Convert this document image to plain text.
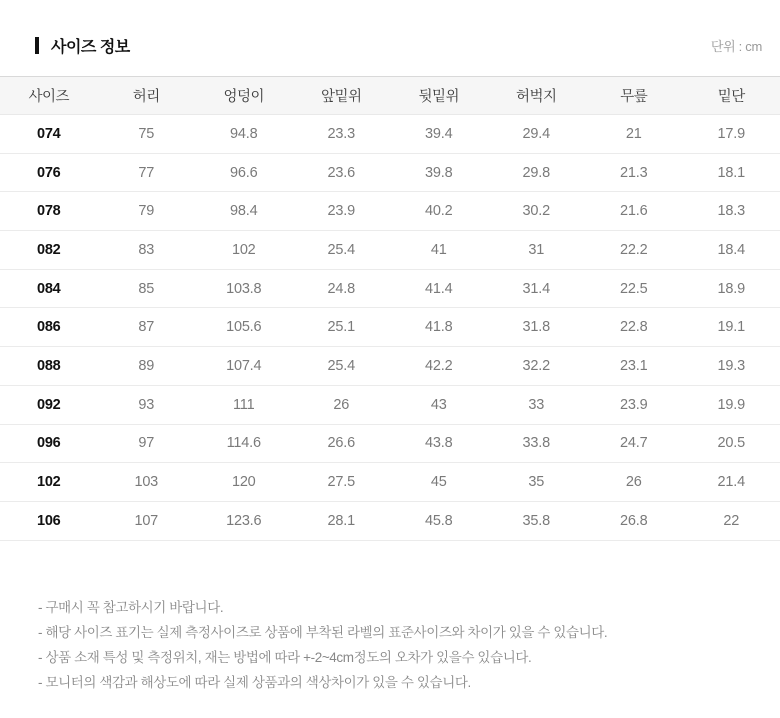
사이즈 정보	단위 : cm
사이즈	허리	엉덩이	앞밑위	뒷밑위	허벅지	무릎	밑단
074	75	94.8	23.3	39.4	29.4	21	17.9
076	77	96.6	23.6	39.8	29.8	21.3	18.1
078	79	98.4	23.9	40.2	30.2	21.6	18.3
082	83	102	25.4	41	31	22.2	18.4
084	85	103.8	24.8	41.4	31.4	22.5	18.9
086	87	105.6	25.1	41.8	31.8	22.8	19.1
088	89	107.4	25.4	42.2	32.2	23.1	19.3
092	93	111	26	43	33	23.9	19.9
096	97	114.6	26.6	43.8	33.8	24.7	20.5
102	103	120	27.5	45	35	26	21.4
106	107	123.6	28.1	45.8	35.8	26.8	22

- 구매시 꼭 참고하시기 바랍니다.

- 해당 사이즈 표기는 실제 측정사이즈로 상품에 부착된 라벨의 표준사이즈와 차이가 있을 수 있습니다.

- 상품 소재 특성 및 측정위치, 재는 방법에 따라 +-2~4cm정도의 오차가 있을수 있습니다.

- 모니터의 색감과 해상도에 따라 실제 상품과의 색상차이가 있을 수 있습니다.
